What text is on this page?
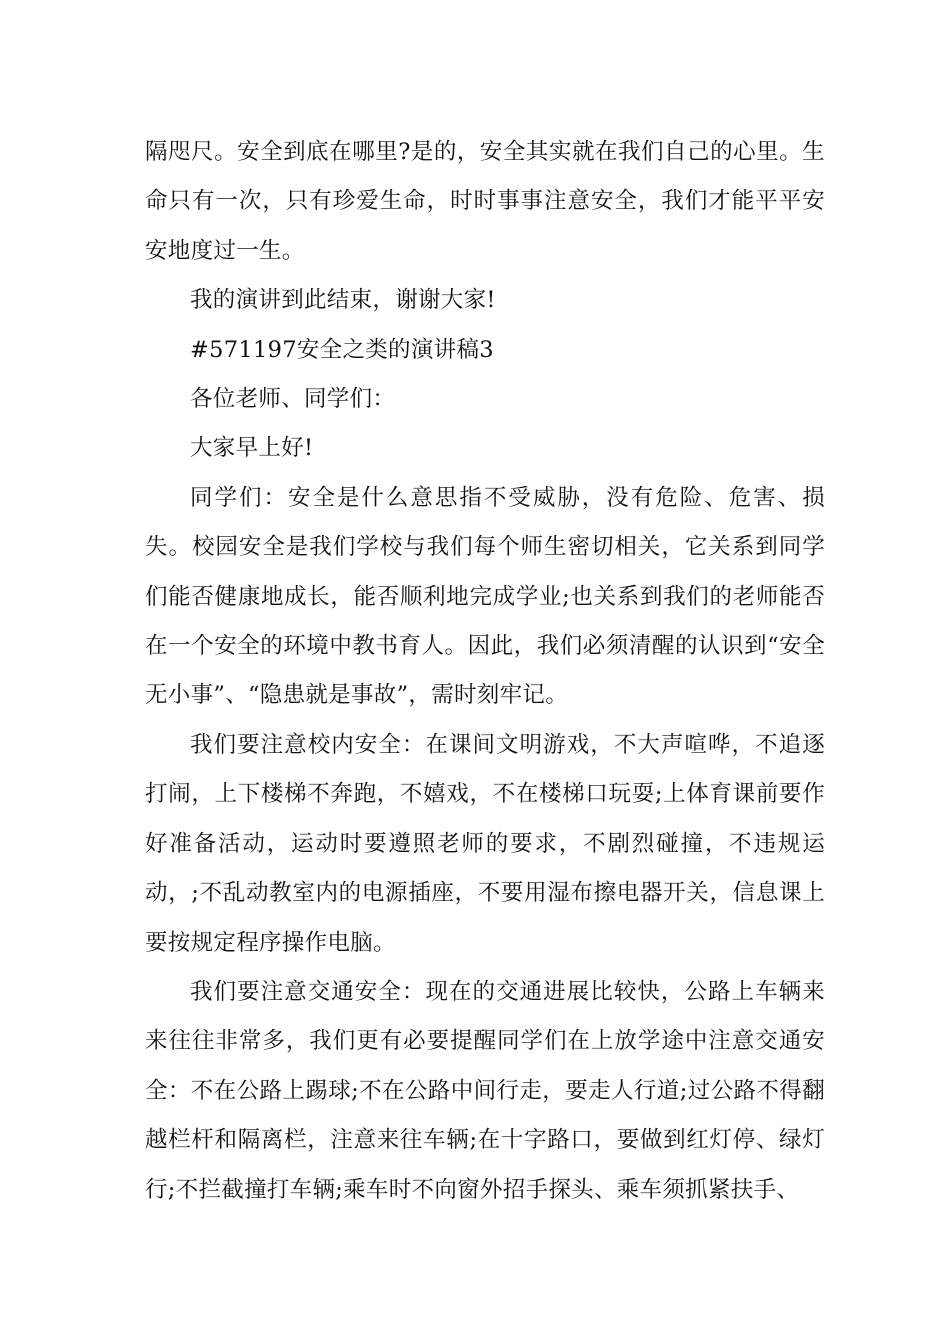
隔咫尺。安全到底在哪里?是的，安全其实就在我们自己的心里。生命只有一次，只有珍爱生命，时时事事注意安全，我们才能平平安安地度过一生。

我的演讲到此结束，谢谢大家!

#571197安全之类的演讲稿3

各位老师、同学们：

大家早上好!

同学们：安全是什么意思指不受威胁，没有危险、危害、损失。校园安全是我们学校与我们每个师生密切相关，它关系到同学们能否健康地成长，能否顺利地完成学业;也关系到我们的老师能否在一个安全的环境中教书育人。因此，我们必须清醒的认识到“安全无小事”、“隐患就是事故”，需时刻牢记。

我们要注意校内安全：在课间文明游戏，不大声喧哗，不追逐打闹，上下楼梯不奔跑，不嬉戏，不在楼梯口玩耍;上体育课前要作好准备活动，运动时要遵照老师的要求，不剧烈碰撞，不违规运动，;不乱动教室内的电源插座，不要用湿布擦电器开关，信息课上要按规定程序操作电脑。

我们要注意交通安全：现在的交通进展比较快，公路上车辆来来往往非常多，我们更有必要提醒同学们在上放学途中注意交通安全：不在公路上踢球;不在公路中间行走，要走人行道;过公路不得翻越栏杆和隔离栏，注意来往车辆;在十字路口，要做到红灯停、绿灯行;不拦截撞打车辆;乘车时不向窗外招手探头、乘车须抓紧扶手、
